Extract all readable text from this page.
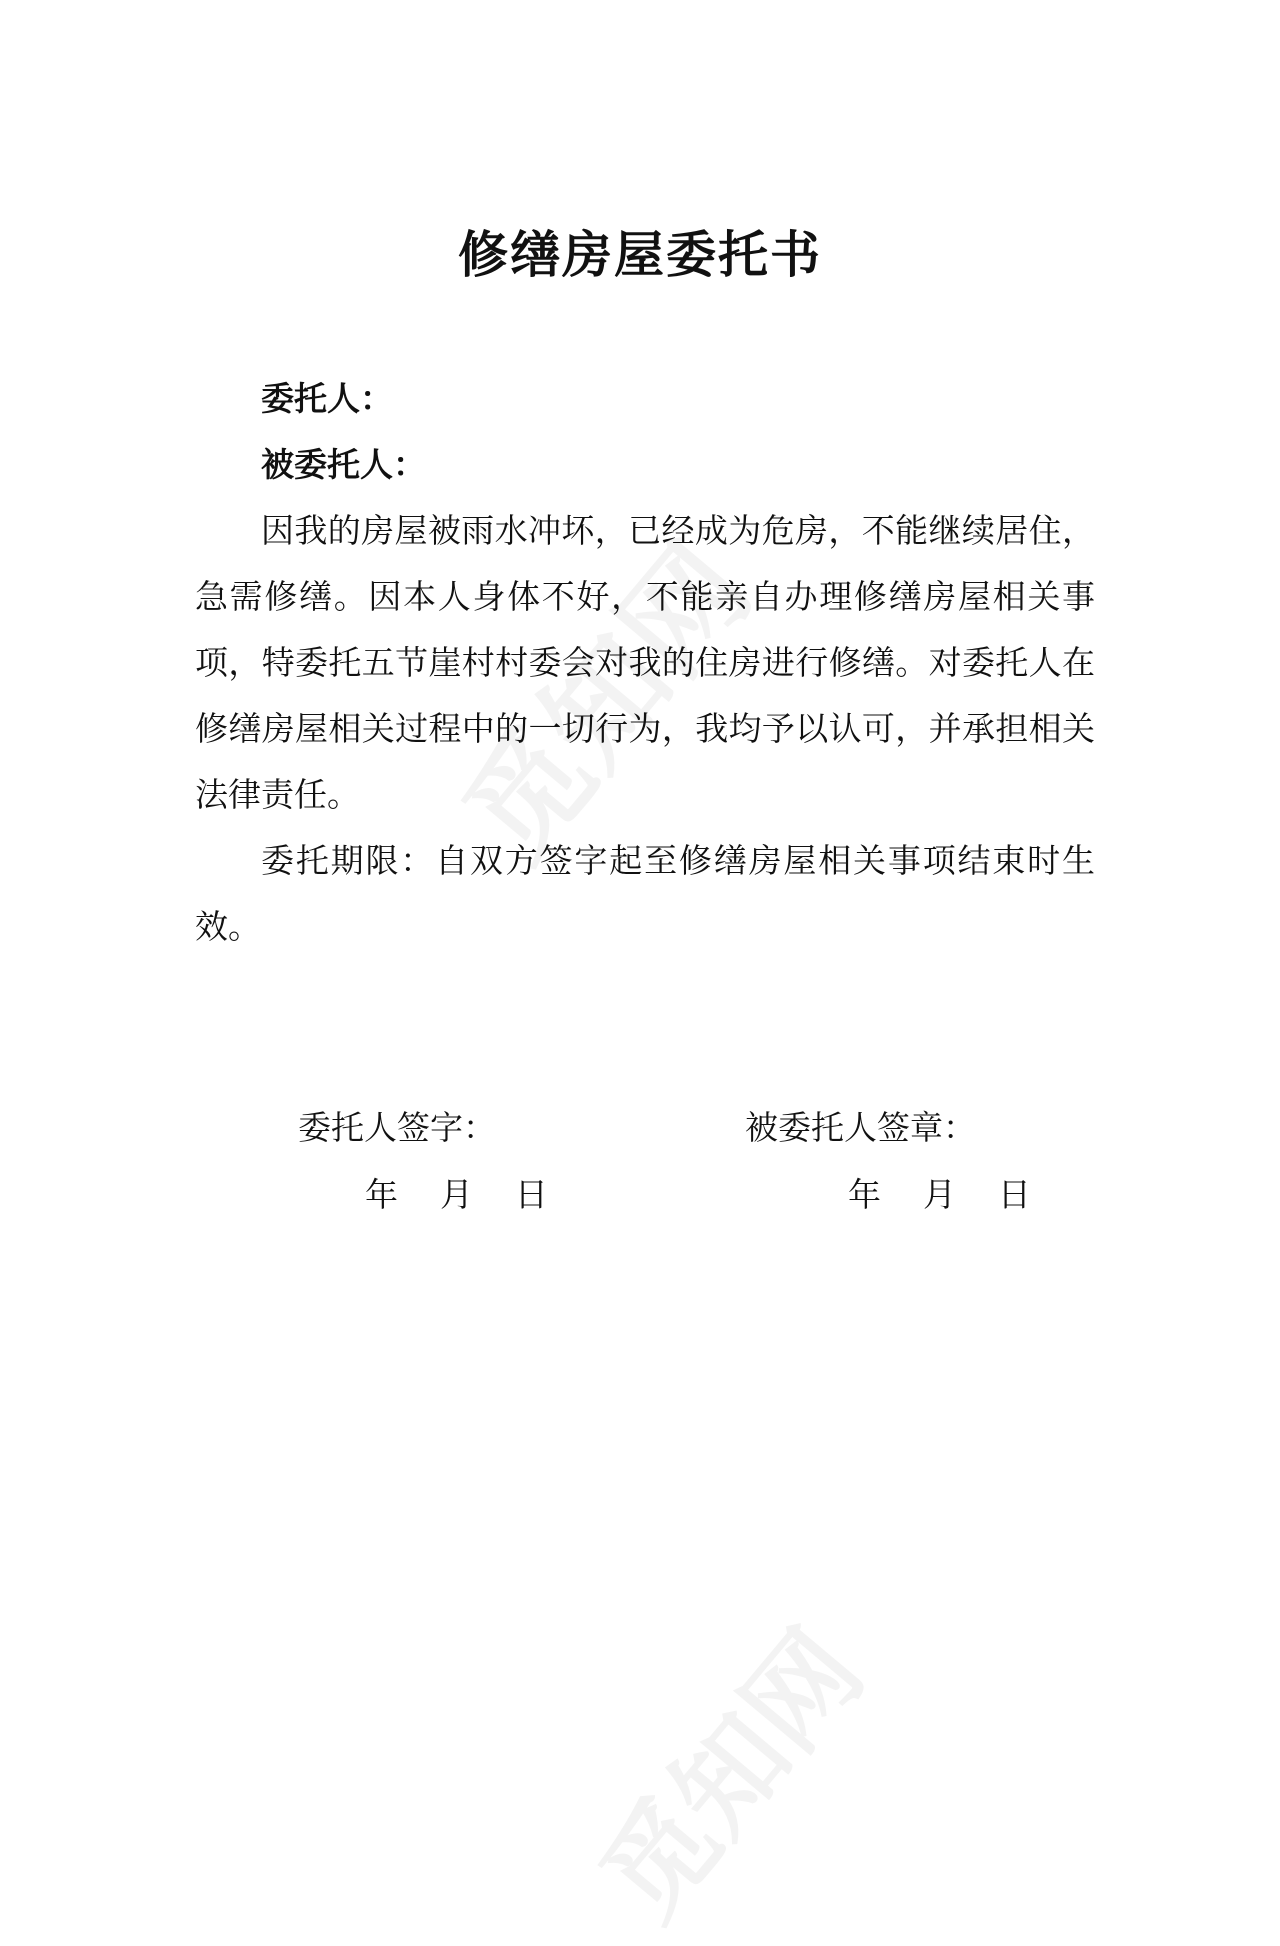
修缮房屋委托书

委托人：

被委托人：

因我的房屋被雨水冲坏，已经成为危房，不能继续居住，急需修缮。因本人身体不好，不能亲自办理修缮房屋相关事项，特委托五节崖村村委会对我的住房进行修缮。对委托人在修缮房屋相关过程中的一切行为，我均予以认可，并承担相关法律责任。

委托期限：自双方签字起至修缮房屋相关事项结束时生效。

委托人签字：	被委托人签章：
年    月    日	年    月    日
